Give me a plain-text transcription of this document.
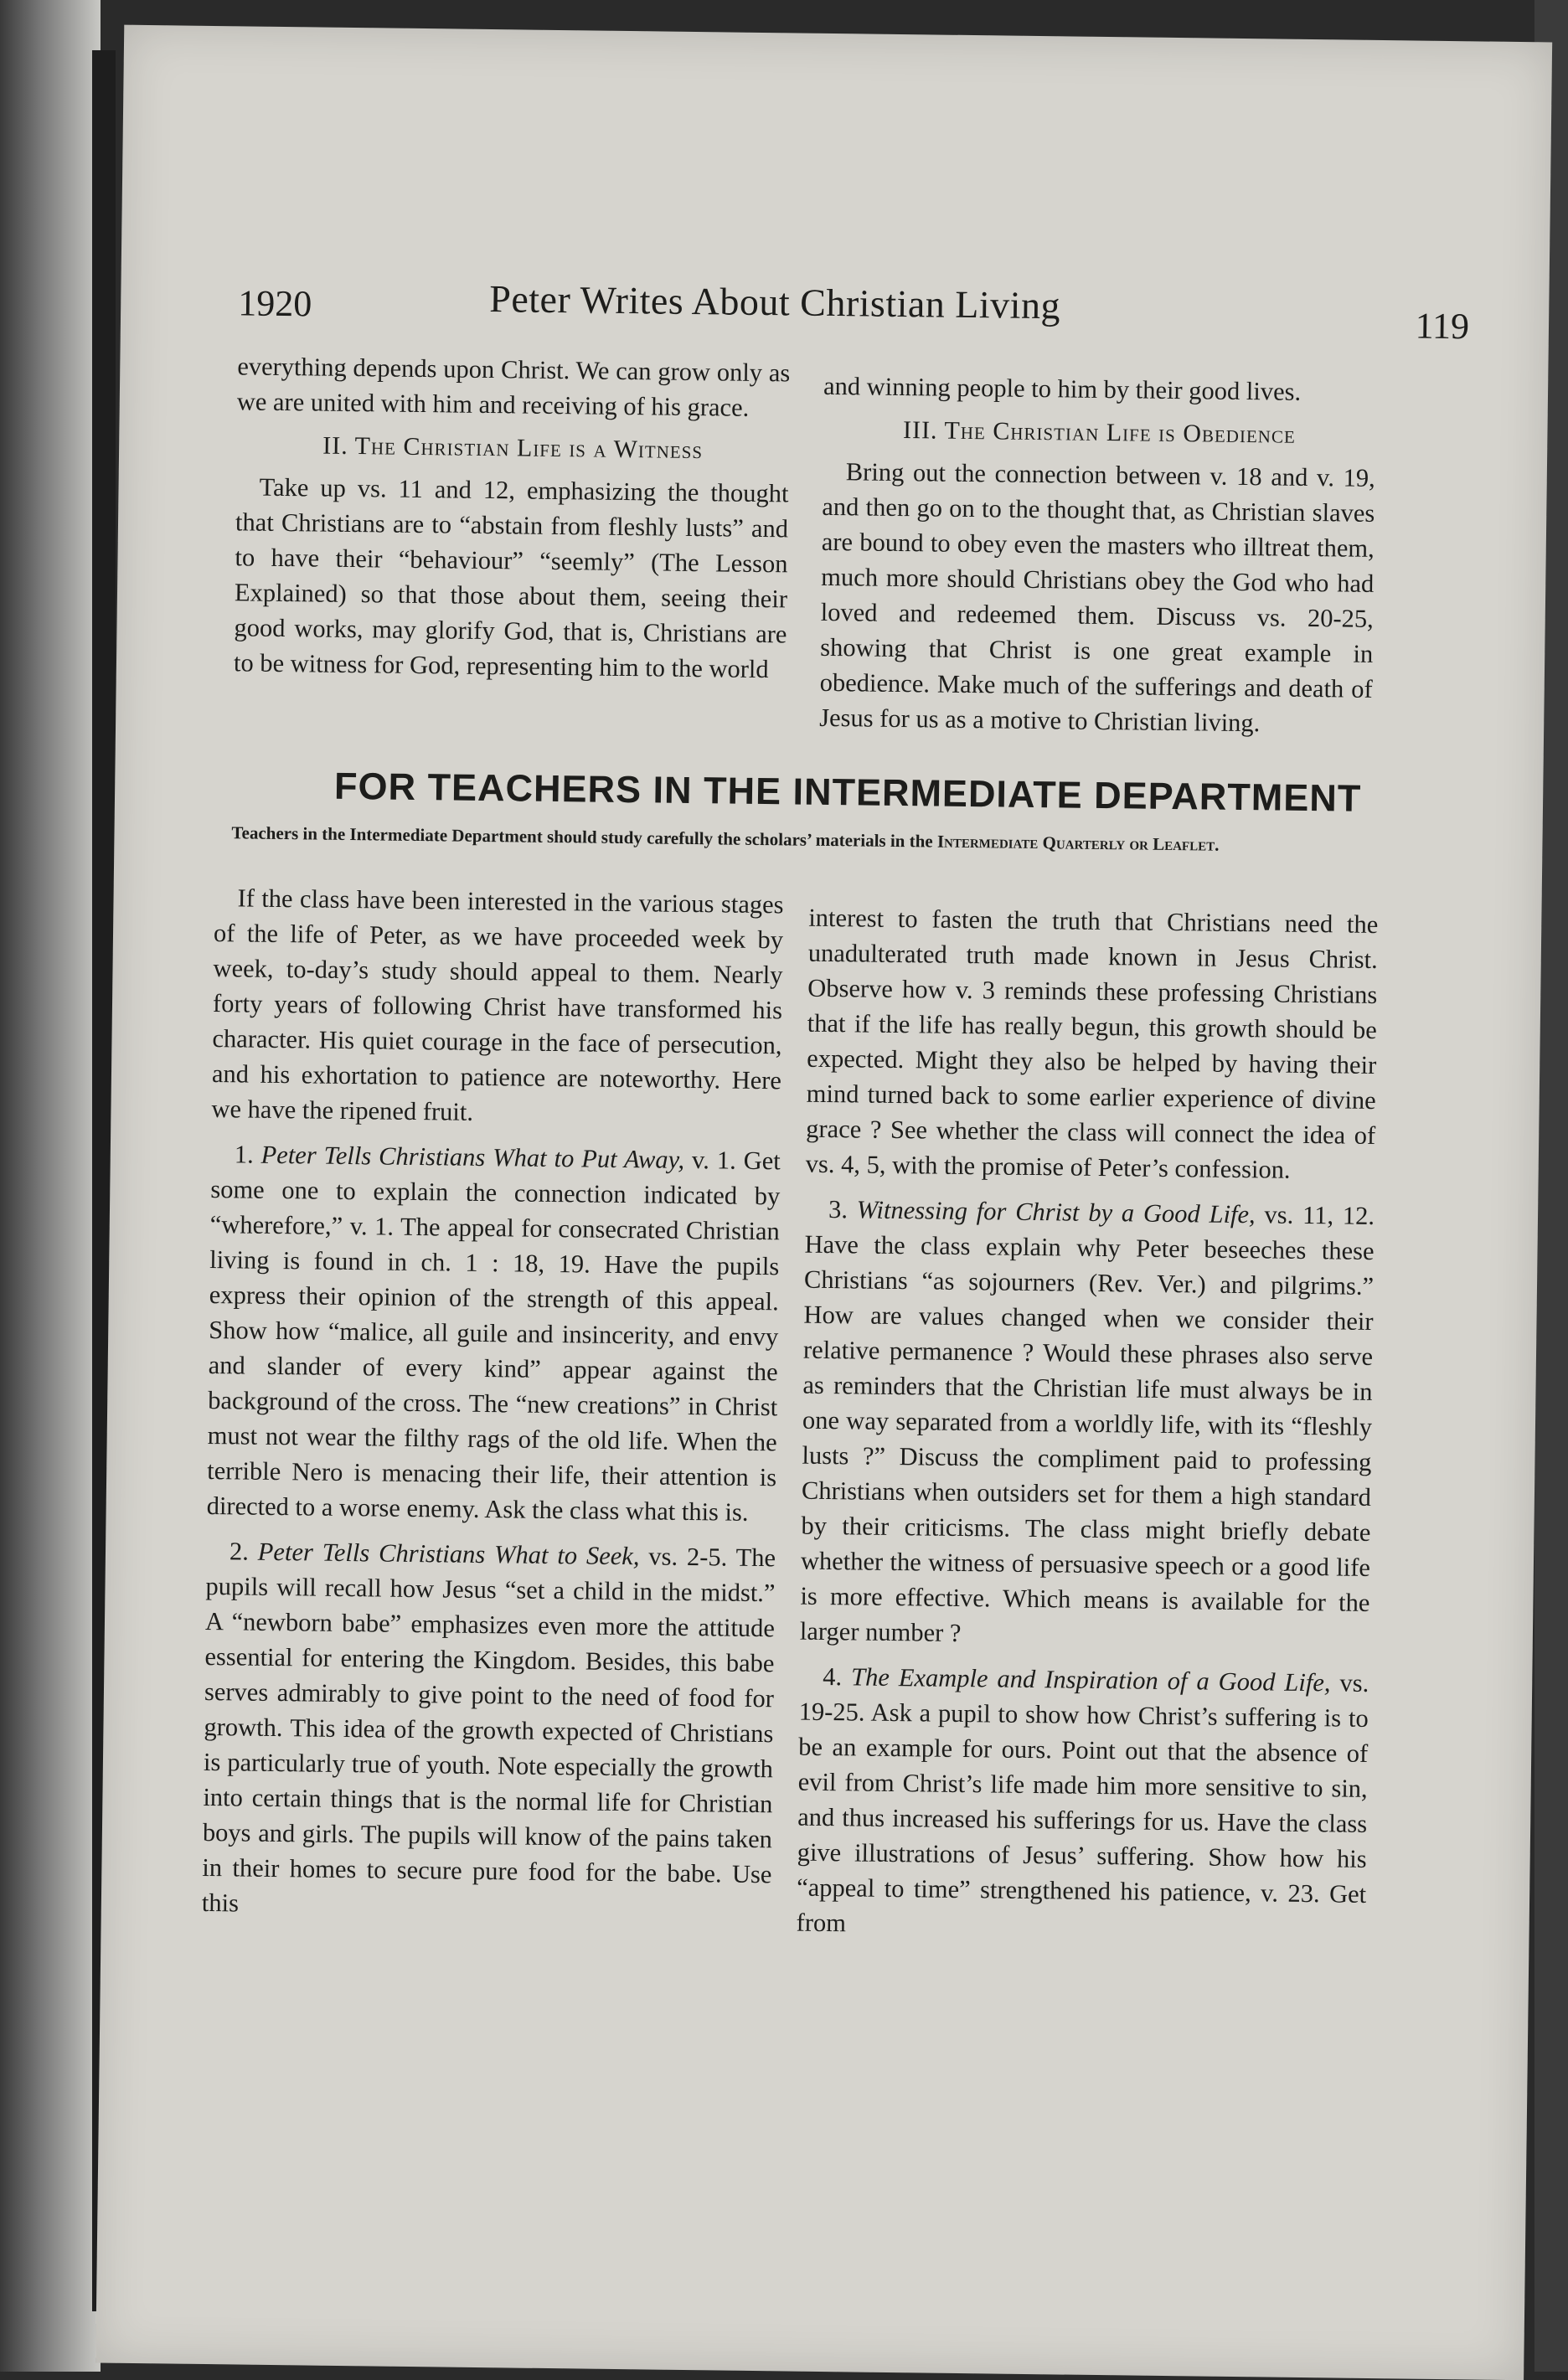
1920	Peter Writes About Christian Living	119

everything depends upon Christ. We can grow only as we are united with him and receiving of his grace.

II. The Christian Life is a Witness

Take up vs. 11 and 12, emphasizing the thought that Christians are to “abstain from fleshly lusts” and to have their “behaviour” “seemly” (The Lesson Explained) so that those about them, seeing their good works, may glorify God, that is, Christians are to be witness for God, representing him to the world

and winning people to him by their good lives.

III. The Christian Life is Obedience

Bring out the connection between v. 18 and v. 19, and then go on to the thought that, as Christian slaves are bound to obey even the masters who illtreat them, much more should Christians obey the God who had loved and redeemed them. Discuss vs. 20-25, showing that Christ is one great example in obedience. Make much of the sufferings and death of Jesus for us as a motive to Christian living.

FOR TEACHERS IN THE INTERMEDIATE DEPARTMENT
Teachers in the Intermediate Department should study carefully the scholars’ materials in the Intermediate Quarterly or Leaflet.

If the class have been interested in the various stages of the life of Peter, as we have proceeded week by week, to-day’s study should appeal to them. Nearly forty years of following Christ have transformed his character. His quiet courage in the face of persecution, and his exhortation to patience are noteworthy. Here we have the ripened fruit.

1. Peter Tells Christians What to Put Away, v. 1. Get some one to explain the connection indicated by “wherefore,” v. 1. The appeal for consecrated Christian living is found in ch. 1 : 18, 19. Have the pupils express their opinion of the strength of this appeal. Show how “malice, all guile and insincerity, and envy and slander of every kind” appear against the background of the cross. The “new creations” in Christ must not wear the filthy rags of the old life. When the terrible Nero is menacing their life, their attention is directed to a worse enemy. Ask the class what this is.

2. Peter Tells Christians What to Seek, vs. 2-5. The pupils will recall how Jesus “set a child in the midst.” A “newborn babe” emphasizes even more the attitude essential for entering the Kingdom. Besides, this babe serves admirably to give point to the need of food for growth. This idea of the growth expected of Christians is particularly true of youth. Note especially the growth into certain things that is the normal life for Christian boys and girls. The pupils will know of the pains taken in their homes to secure pure food for the babe. Use this

interest to fasten the truth that Christians need the unadulterated truth made known in Jesus Christ. Observe how v. 3 reminds these professing Christians that if the life has really begun, this growth should be expected. Might they also be helped by having their mind turned back to some earlier experience of divine grace ? See whether the class will connect the idea of vs. 4, 5, with the promise of Peter’s confession.

3. Witnessing for Christ by a Good Life, vs. 11, 12. Have the class explain why Peter beseeches these Christians “as sojourners (Rev. Ver.) and pilgrims.” How are values changed when we consider their relative permanence ? Would these phrases also serve as reminders that the Christian life must always be in one way separated from a worldly life, with its “fleshly lusts ?” Discuss the compliment paid to professing Christians when outsiders set for them a high standard by their criticisms. The class might briefly debate whether the witness of persuasive speech or a good life is more effective. Which means is available for the larger number ?

4. The Example and Inspiration of a Good Life, vs. 19-25. Ask a pupil to show how Christ’s suffering is to be an example for ours. Point out that the absence of evil from Christ’s life made him more sensitive to sin, and thus increased his sufferings for us. Have the class give illustrations of Jesus’ suffering. Show how his “appeal to time” strengthened his patience, v. 23. Get from
